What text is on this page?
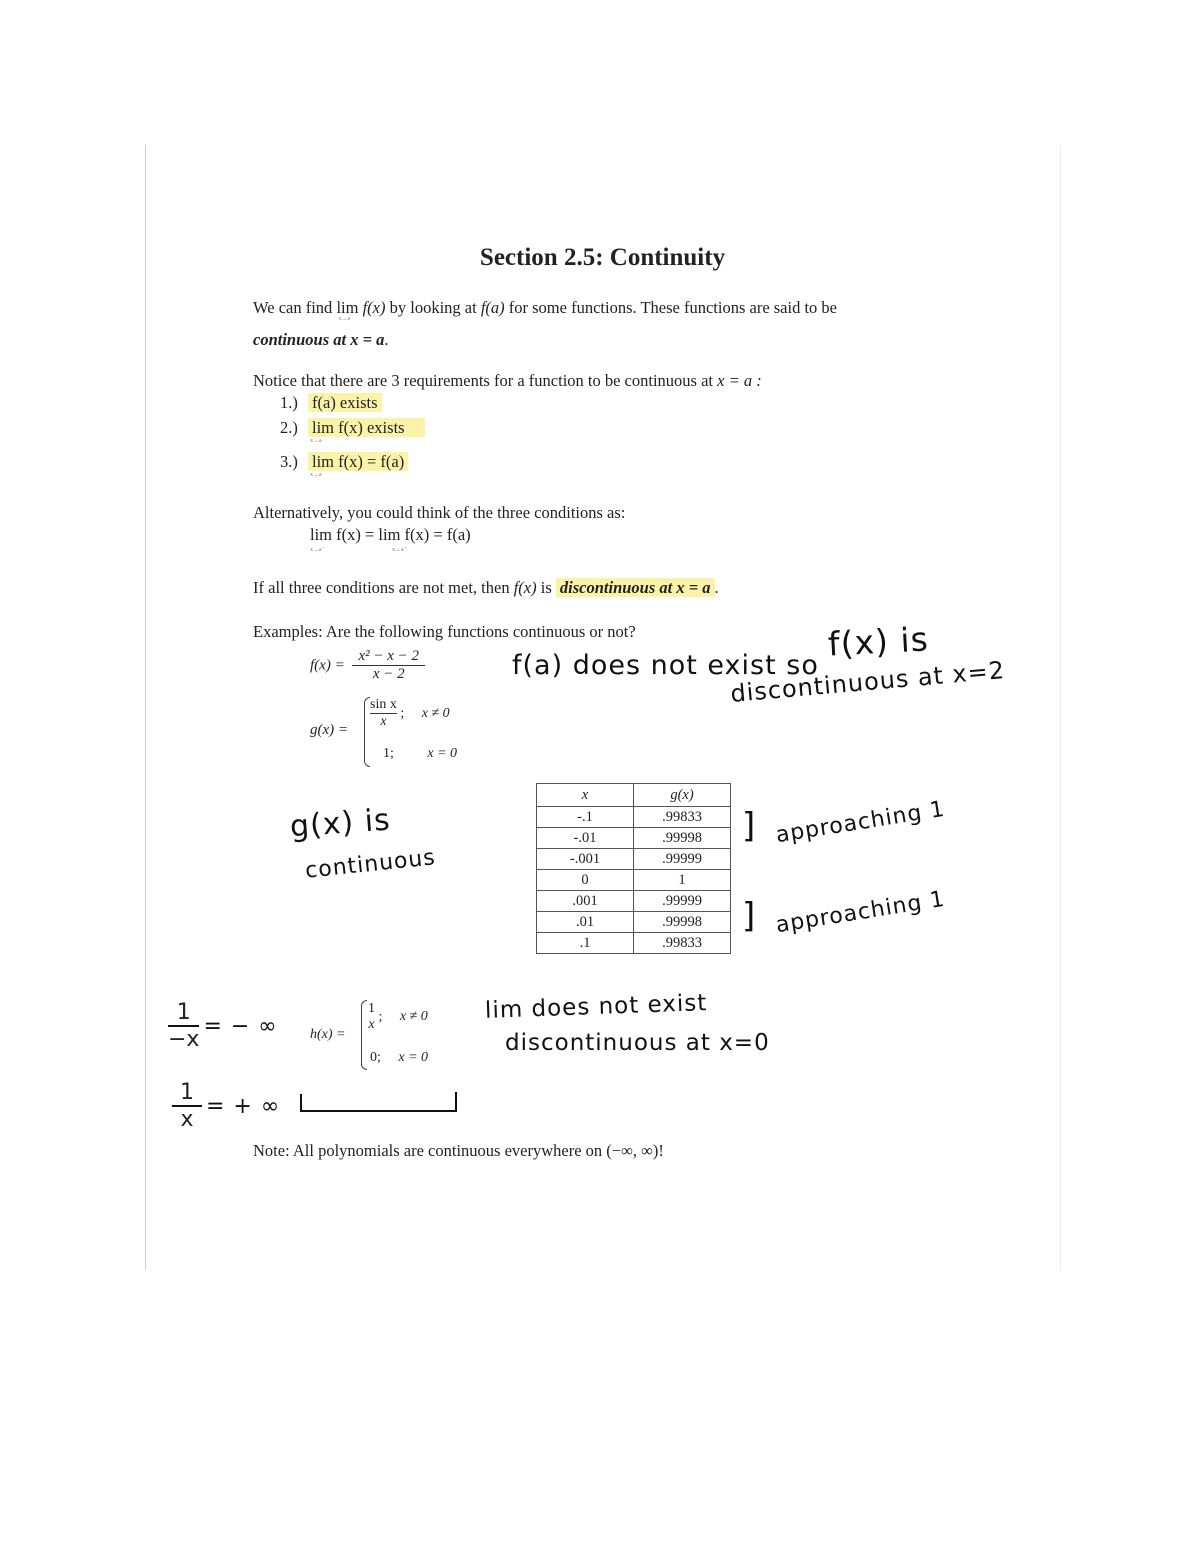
Section 2.5: Continuity
We can find lim
x→a
f(x) by looking at f(a) for some functions. These functions are said to be
continuous at x = a.
Notice that there are 3 requirements for a function to be continuous at x = a :
1.) f(a) exists
2.) lim f(x) exists
x→a
3.) lim f(x) = f(a)
x→a
Alternatively, you could think of the three conditions as:
lim f(x) = lim f(x) = f(a)
x→a⁻	x→a⁺
If all three conditions are not met, then f(x) is discontinuous at x = a .
Examples: Are the following functions continuous or not?
$f(x) = \frac{\text{x² − x − 2}}{x - 2}$
$g(x) = \frac{\text{sin x}}{x}$ ; x ≠ 0
1; x = 0
h(x) =
1
x
; x ≠ 0
0; x = 0
x	g(x)
-.1	.99833
-.01	.99998
-.001	.99999
0	1
.001	.99999
.01	.99998
.1	.99833
f(a) does not exist so
f(x) is
discontinuous at x=2
g(x) is
continuous
] approaching 1
] approaching 1
lim does not exist
discontinuous at x=0
$\frac{1}{-x}$ = − ∞
$\frac{1}{x}$ = + ∞
Note: All polynomials are continuous everywhere on (−∞, ∞)!
